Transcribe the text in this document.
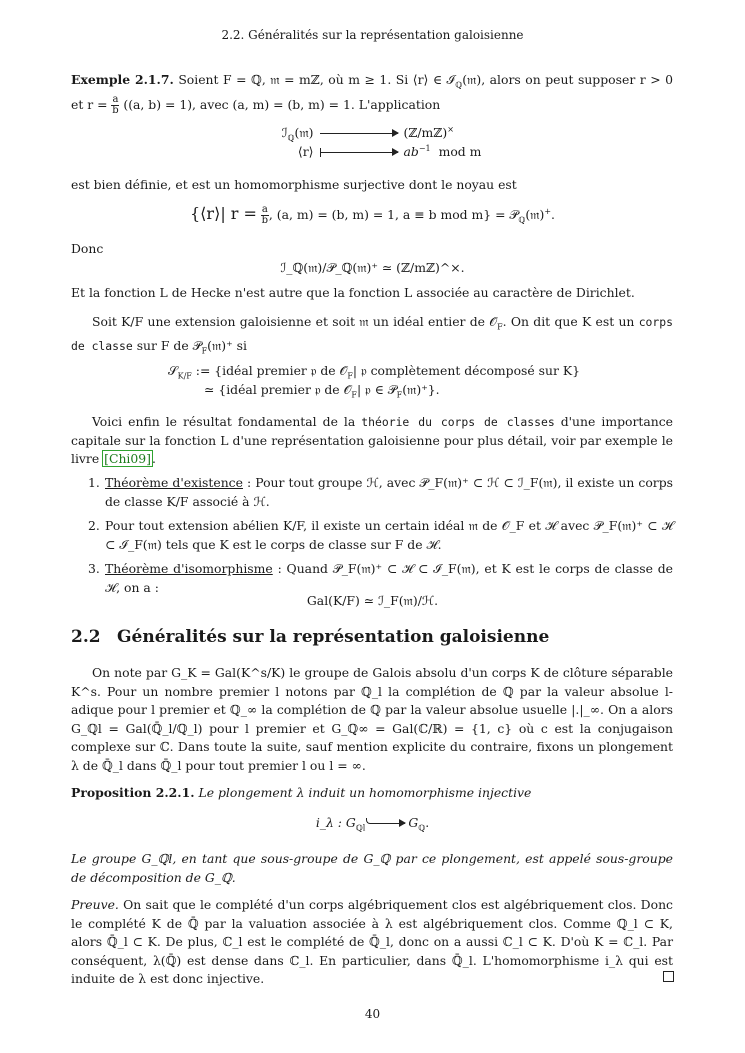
2.2. Généralités sur la représentation galoisienne
Exemple 2.1.7. Soient F = ℚ, 𝔪 = mℤ, où m ≥ 1. Si ⟨r⟩ ∈ ℐ$_ℚ$(𝔪), alors on peut supposer r > 0 et $r = \frac{a}{b} ((a$, b) = 1), avec (a, m) = (b, m) = 1. L'application
ℐ$_ℚ$(𝔪)	(ℤ/mℤ)×
⟨r⟩	$ab^{-1}$ mod m
est bien définie, et est un homomorphisme surjective dont le noyau est
{⟨r⟩| $r = \frac{a}{b}$ , (a, m) = (b, m) = 1, a ≡ b mod m} = 𝒫$_ℚ$(𝔪)+.
Donc
ℐ_ℚ(𝔪)/𝒫_ℚ(𝔪)⁺ ≃ (ℤ/mℤ)^×.
Et la fonction L de Hecke n'est autre que la fonction L associée au caractère de Dirichlet.
Soit K/F une extension galoisienne et soit 𝔪 un idéal entier de 𝒪$_F$. On dit que K est un corps de classe sur F de 𝒫$_F$(𝔪)⁺ si
𝒮$_{K/F}$ := {idéal premier 𝔭 de 𝒪$_F$| 𝔭 complètement décomposé sur K}
≃ {idéal premier 𝔭 de 𝒪$_F$| 𝔭 ∈ 𝒫$_F$(𝔪)⁺}.
Voici enfin le résultat fondamental de la théorie du corps de classes d'une importance capitale sur la fonction L d'une représentation galoisienne pour plus détail, voir par exemple le livre [Chi09].
1. Théorème d'existence : Pour tout groupe ℋ, avec 𝒫_F(𝔪)⁺ ⊂ ℋ ⊂ ℐ_F(𝔪), il existe un corps de classe K/F associé à ℋ.
2. Pour tout extension abélien K/F, il existe un certain idéal 𝔪 de 𝒪_F et ℋ avec 𝒫_F(𝔪)⁺ ⊂ ℋ ⊂ ℐ_F(𝔪) tels que K est le corps de classe sur F de ℋ.
3. Théorème d'isomorphisme : Quand 𝒫_F(𝔪)⁺ ⊂ ℋ ⊂ ℐ_F(𝔪), et K est le corps de classe de ℋ, on a :
Gal(K/F) ≃ ℐ_F(𝔪)/ℋ.
2.2 Généralités sur la représentation galoisienne
On note par G_K = Gal(K^s/K) le groupe de Galois absolu d'un corps K de clôture séparable K^s. Pour un nombre premier l notons par ℚ_l la complétion de ℚ par la valeur absolue l-adique pour l premier et ℚ_∞ la complétion de ℚ par la valeur absolue usuelle |.|_∞. On a alors G_ℚl = Gal(ℚ̄_l/ℚ_l) pour l premier et G_ℚ∞ = Gal(ℂ/ℝ) = {1, c} où c est la conjugaison complexe sur ℂ. Dans toute la suite, sauf mention explicite du contraire, fixons un plongement λ de ℚ̄_l dans ℚ̄_l pour tout premier l ou l = ∞.
Proposition 2.2.1. Le plongement λ induit un homomorphisme injective
i_λ : $G_{ℚl}$	$G_ℚ$.
Le groupe G_ℚl, en tant que sous-groupe de G_ℚ par ce plongement, est appelé sous-groupe de décomposition de G_ℚ.
Preuve. On sait que le complété d'un corps algébriquement clos est algébriquement clos. Donc le complété K de ℚ̄ par la valuation associée à λ est algébriquement clos. Comme ℚ_l ⊂ K, alors ℚ̄_l ⊂ K. De plus, ℂ_l est le complété de ℚ̄_l, donc on a aussi ℂ_l ⊂ K. D'où K = ℂ_l. Par conséquent, λ(ℚ̄) est dense dans ℂ_l. En particulier, dans ℚ̄_l. L'homomorphisme i_λ qui est induite de λ est donc injective.
40
